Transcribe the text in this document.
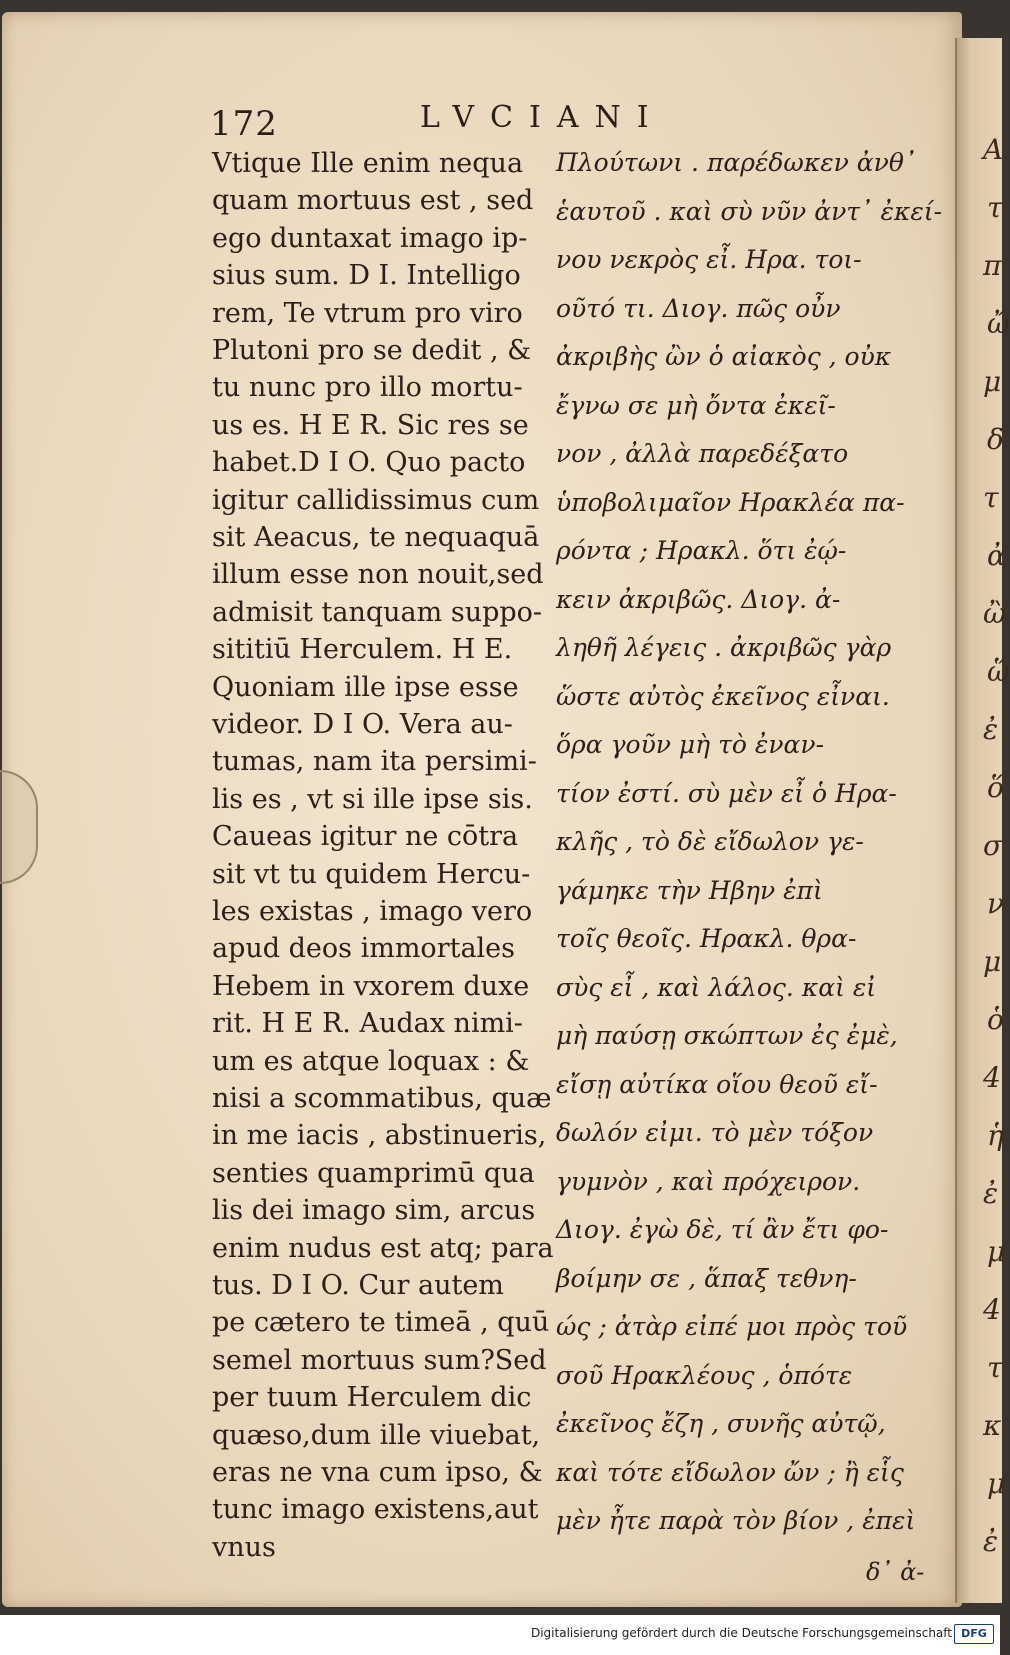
Α
τ
π
ὤ
μ
δ
τ
ἀ
ὢ
ὥ
ἐ
ὅ
σ
ν
μ
ὁ
4
ἡ
ἐ
μ
4
τ
κ
μ
ἐ
172	LVCIANI
Vtique Ille enim nequa
quam mortuus est , sed
ego duntaxat imago ip-
sius sum. D I. Intelligo
rem, Te vtrum pro viro
Plutoni pro se dedit , &
tu nunc pro illo mortu-
us es. H E R. Sic res se
habet.D I O. Quo pacto
igitur callidissimus cum
sit Aeacus, te nequaquā
illum esse non nouit,sed
admisit tanquam suppo-
sititiū Herculem. H E.
Quoniam ille ipse esse
videor. D I O. Vera au-
tumas, nam ita persimi-
lis es , vt si ille ipse sis.
Caueas igitur ne cōtra
sit vt tu quidem Hercu-
les existas , imago vero
apud deos immortales
Hebem in vxorem duxe
rit. H E R. Audax nimi-
um es atque loquax : &
nisi a scommatibus, quæ
in me iacis , abstinueris,
senties quamprimū qua
lis dei imago sim, arcus
enim nudus est atq; para
tus. D I O. Cur autem
pe cætero te timeā , quū
semel mortuus sum?Sed
per tuum Herculem dic
quæso,dum ille viuebat,
eras ne vna cum ipso, &
tunc imago existens,aut
vnus
Πλούτωνι . παρέδωκεν ἀνθ᾽
ἑαυτοῦ . καὶ σὺ νῦν ἀντ᾽ ἐκεί-
νου νεκρὸς εἶ. Ηρα. τοι-
οῦτό τι. Διογ. πῶς οὖν
ἀκριβὴς ὢν ὁ αἰακὸς , οὐκ
ἔγνω σε μὴ ὄντα ἐκεῖ-
νον , ἀλλὰ παρεδέξατο
ὑποβολιμαῖον Ηρακλέα πα-
ρόντα ; Ηρακλ. ὅτι ἐῴ-
κειν ἀκριβῶς. Διογ. ἀ-
ληθῆ λέγεις . ἀκριβῶς γὰρ
ὥστε αὐτὸς ἐκεῖνος εἶναι.
ὅρα γοῦν μὴ τὸ ἐναν-
τίον ἐστί. σὺ μὲν εἶ ὁ Ηρα-
κλῆς , τὸ δὲ εἴδωλον γε-
γάμηκε τὴν Ηβην ἐπὶ
τοῖς θεοῖς. Ηρακλ. θρα-
σὺς εἶ , καὶ λάλος. καὶ εἰ
μὴ παύσῃ σκώπτων ἐς ἐμὲ,
εἴσῃ αὐτίκα οἵου θεοῦ εἴ-
δωλόν εἰμι. τὸ μὲν τόξον
γυμνὸν , καὶ πρόχειρον.
Διογ. ἐγὼ δὲ, τί ἂν ἔτι φο-
βοίμην σε , ἅπαξ τεθνη-
ώς ; ἀτὰρ εἰπέ μοι πρὸς τοῦ
σοῦ Ηρακλέους , ὁπότε
ἐκεῖνος ἔζη , συνῆς αὐτῷ,
καὶ τότε εἴδωλον ὤν ; ἢ εἷς
μὲν ἦτε παρὰ τὸν βίον , ἐπεὶ
δ᾽ ἀ-
Digitalisierung gefördert durch die Deutsche Forschungsgemeinschaft DFG
